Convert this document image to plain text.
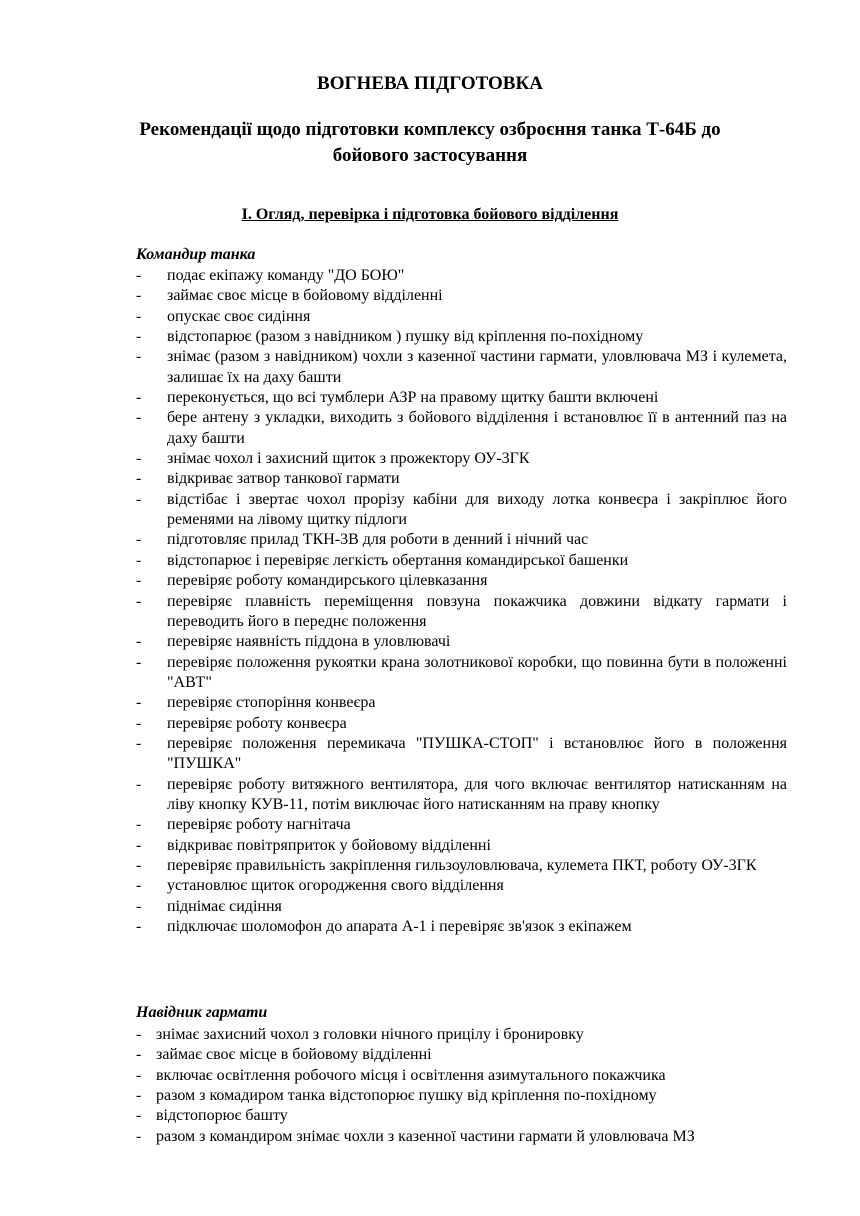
ВОГНЕВА ПІДГОТОВКА
Рекомендації щодо підготовки комплексу озброєння танка Т-64Б до бойового застосування
І. Огляд, перевірка і підготовка бойового відділення
Командир танка
- подає екіпажу команду "ДО БОЮ"
- займає своє місце в бойовому відділенні
- опускає своє сидіння
- відстопарює (разом з навідником ) пушку від кріплення по-похідному
- знімає (разом з навідником) чохли з казенної частини гармати, уловлювача МЗ і кулемета, залишає їх на даху башти
- переконується, що всі тумблери АЗР на правому щитку башти включені
- бере антену з укладки, виходить з бойового відділення і встановлює її в антенний паз на даху башти
- знімає чохол і захисний щиток з прожектору ОУ-3ГК
- відкриває затвор танкової гармати
- відстібає і звертає чохол прорізу кабіни для виходу лотка конвеєра і закріплює його ременями на лівому щитку підлоги
- підготовляє прилад ТКН-3В для роботи в денний і нічний час
- відстопарює і перевіряє легкість обертання командирської башенки
- перевіряє роботу командирського цілевказання
- перевіряє плавність переміщення повзуна покажчика довжини відкату гармати і переводить його в переднє положення
- перевіряє наявність піддона в уловлювачі
- перевіряє положення рукоятки крана золотникової коробки, що повинна бути в положенні "АВТ"
- перевіряє стопоріння конвеєра
- перевіряє роботу конвеєра
- перевіряє положення перемикача "ПУШКА-СТОП" і встановлює його в положення "ПУШКА"
- перевіряє роботу витяжного вентилятора, для чого включає вентилятор натисканням на ліву кнопку КУВ-11, потім виключає його натисканням на праву кнопку
- перевіряє роботу нагнітача
- відкриває повітряприток у бойовому відділенні
- перевіряє правильність закріплення гильзоуловлювача, кулемета ПКТ, роботу ОУ-3ГК
- установлює щиток огородження свого відділення
- піднімає сидіння
- підключає шоломофон до апарата А-1 і перевіряє зв'язок з екіпажем
Навідник гармати
- знімає захисний чохол з головки нічного прицілу і бронировку
- займає своє місце в бойовому відділенні
- включає освітлення робочого місця і освітлення азимутального покажчика
- разом з комадиром танка відстопорює пушку від кріплення по-похідному
- відстопорює башту
- разом з командиром знімає чохли з казенної частини гармати й уловлювача МЗ
